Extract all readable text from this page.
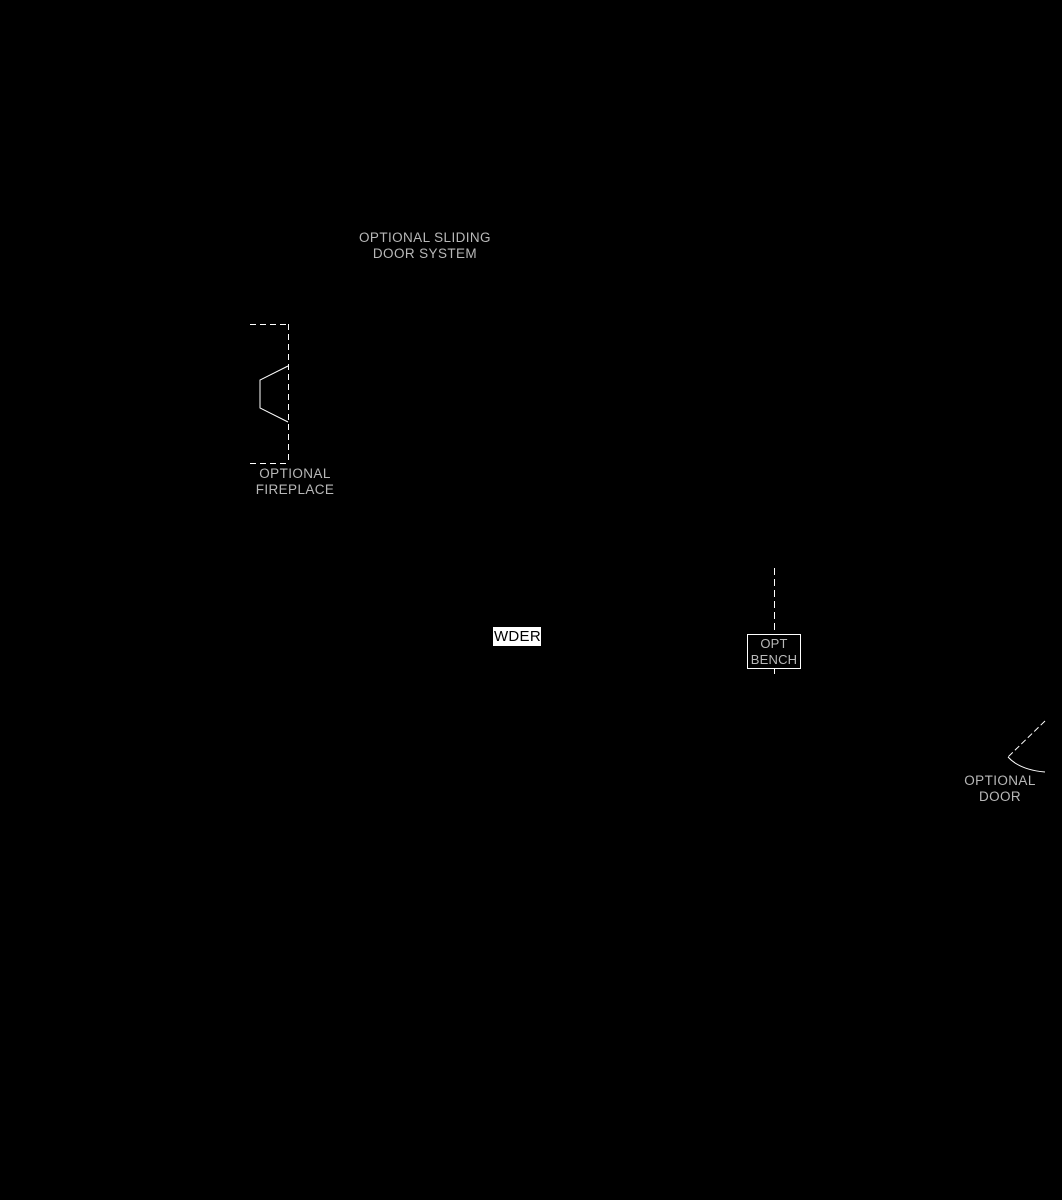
OPTIONAL SLIDING
DOOR SYSTEM
OPTIONAL
FIREPLACE
POWDER	OPT
BENCH
OPTIONAL
DOOR
